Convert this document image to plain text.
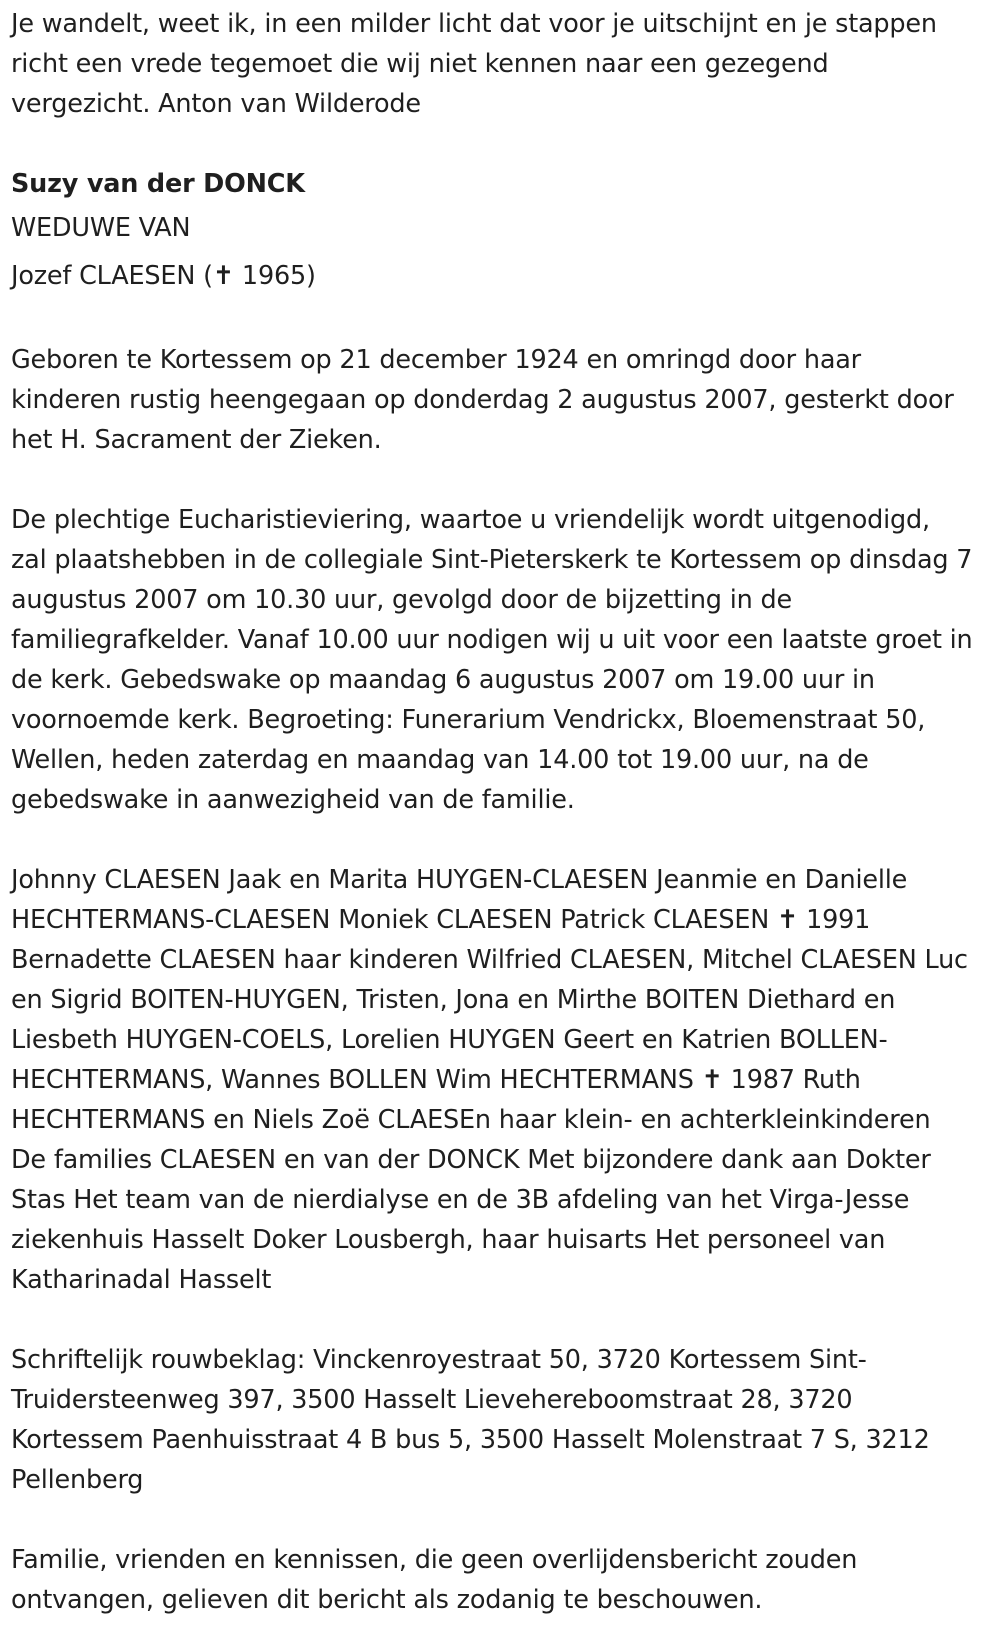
Je wandelt, weet ik, in een milder licht dat voor je uitschijnt en je stappen richt een vrede tegemoet die wij niet kennen naar een gezegend vergezicht. Anton van Wilderode

Suzy van der DONCK

WEDUWE VAN

Jozef CLAESEN (✝ 1965)

Geboren te Kortessem op 21 december 1924 en omringd door haar kinderen rustig heengegaan op donderdag 2 augustus 2007, gesterkt door het H. Sacrament der Zieken.

De plechtige Eucharistieviering, waartoe u vriendelijk wordt uitgenodigd, zal plaatshebben in de collegiale Sint-Pieterskerk te Kortessem op dinsdag 7 augustus 2007 om 10.30 uur, gevolgd door de bijzetting in de familiegrafkelder. Vanaf 10.00 uur nodigen wij u uit voor een laatste groet in de kerk. Gebedswake op maandag 6 augustus 2007 om 19.00 uur in voornoemde kerk. Begroeting: Funerarium Vendrickx, Bloemenstraat 50, Wellen, heden zaterdag en maandag van 14.00 tot 19.00 uur, na de gebedswake in aanwezigheid van de familie.

Johnny CLAESEN Jaak en Marita HUYGEN-CLAESEN Jeanmie en Danielle HECHTERMANS-CLAESEN Moniek CLAESEN Patrick CLAESEN ✝ 1991 Bernadette CLAESEN haar kinderen Wilfried CLAESEN, Mitchel CLAESEN Luc en Sigrid BOITEN-HUYGEN, Tristen, Jona en Mirthe BOITEN Diethard en Liesbeth HUYGEN-COELS, Lorelien HUYGEN Geert en Katrien BOLLEN-HECHTERMANS, Wannes BOLLEN Wim HECHTERMANS ✝ 1987 Ruth HECHTERMANS en Niels Zoë CLAESEn haar klein- en achterkleinkinderen De families CLAESEN en van der DONCK Met bijzondere dank aan Dokter Stas Het team van de nierdialyse en de 3B afdeling van het Virga-Jesse ziekenhuis Hasselt Doker Lousbergh, haar huisarts Het personeel van Katharinadal Hasselt

Schriftelijk rouwbeklag: Vinckenroyestraat 50, 3720 Kortessem Sint-Truidersteenweg 397, 3500 Hasselt Lievehereboomstraat 28, 3720 Kortessem Paenhuisstraat 4 B bus 5, 3500 Hasselt Molenstraat 7 S, 3212 Pellenberg

Familie, vrienden en kennissen, die geen overlijdensbericht zouden ontvangen, gelieven dit bericht als zodanig te beschouwen.
